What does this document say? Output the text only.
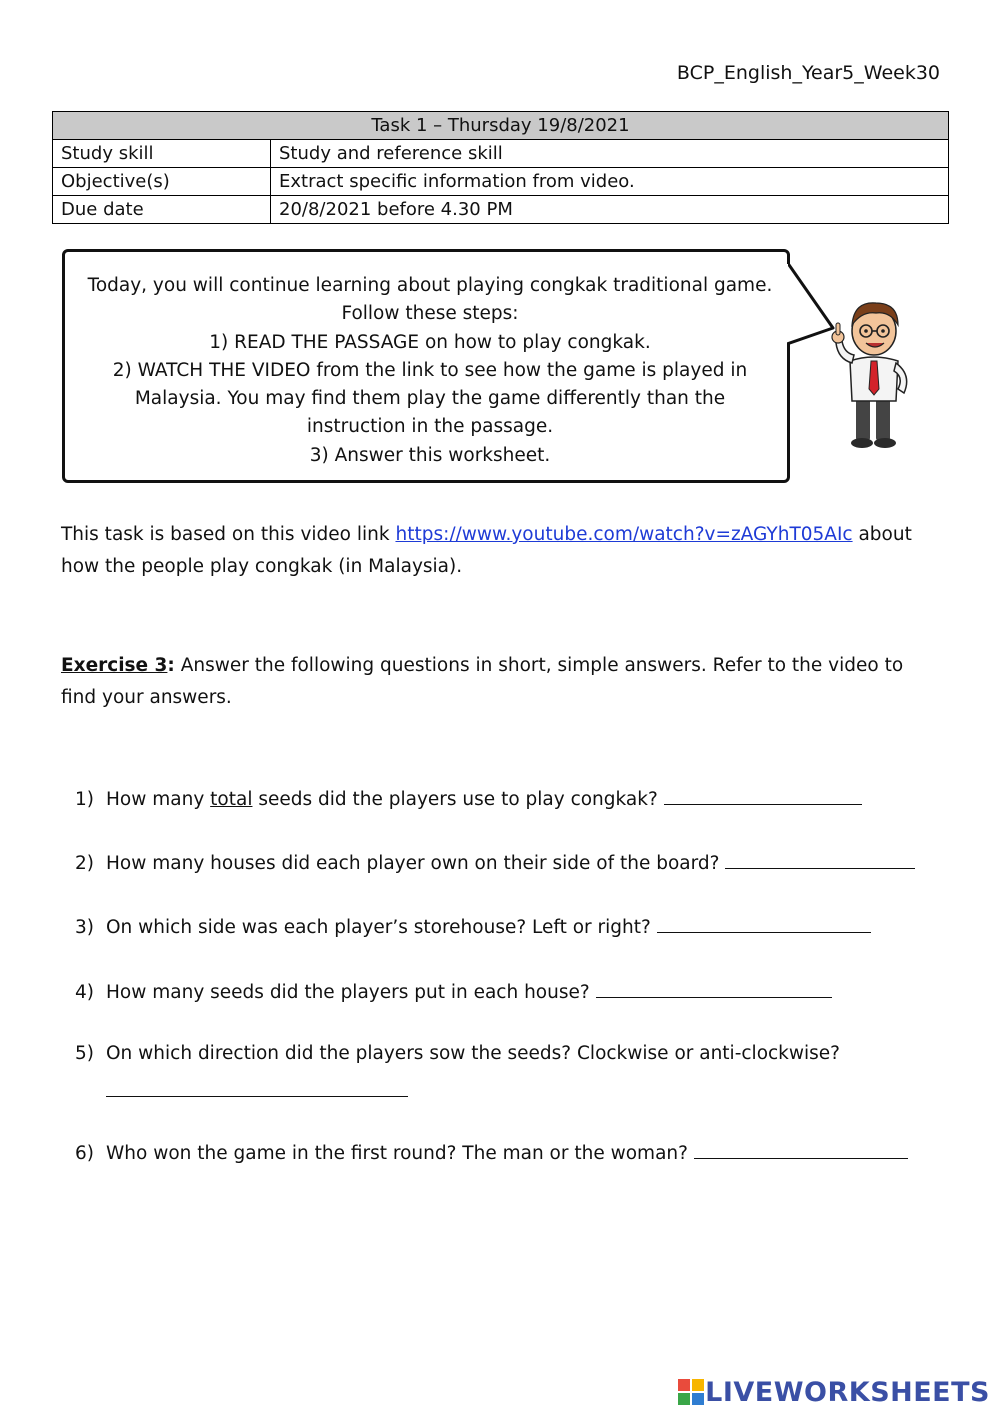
BCP_English_Year5_Week30
Task 1 – Thursday 19/8/2021	
Study skill	Study and reference skill
Objective(s)	Extract specific information from video.
Due date	20/8/2021 before 4.30 PM

Today, you will continue learning about playing congkak traditional game.

Follow these steps:

1) READ THE PASSAGE on how to play congkak.

2) WATCH THE VIDEO from the link to see how the game is played in

Malaysia. You may find them play the game differently than the

instruction in the passage.

3) Answer this worksheet.

This task is based on this video link https://www.youtube.com/watch?v=zAGYhT05AIc about how the people play congkak (in Malaysia).
Exercise 3: Answer the following questions in short, simple answers. Refer to the video to find your answers.
1) How many total seeds did the players use to play congkak?
2) How many houses did each player own on their side of the board?
3) On which side was each player’s storehouse? Left or right?
4) How many seeds did the players put in each house?
5) On which direction did the players sow the seeds? Clockwise or anti-clockwise?
6) Who won the game in the first round? The man or the woman?
LIVEWORKSHEETS
